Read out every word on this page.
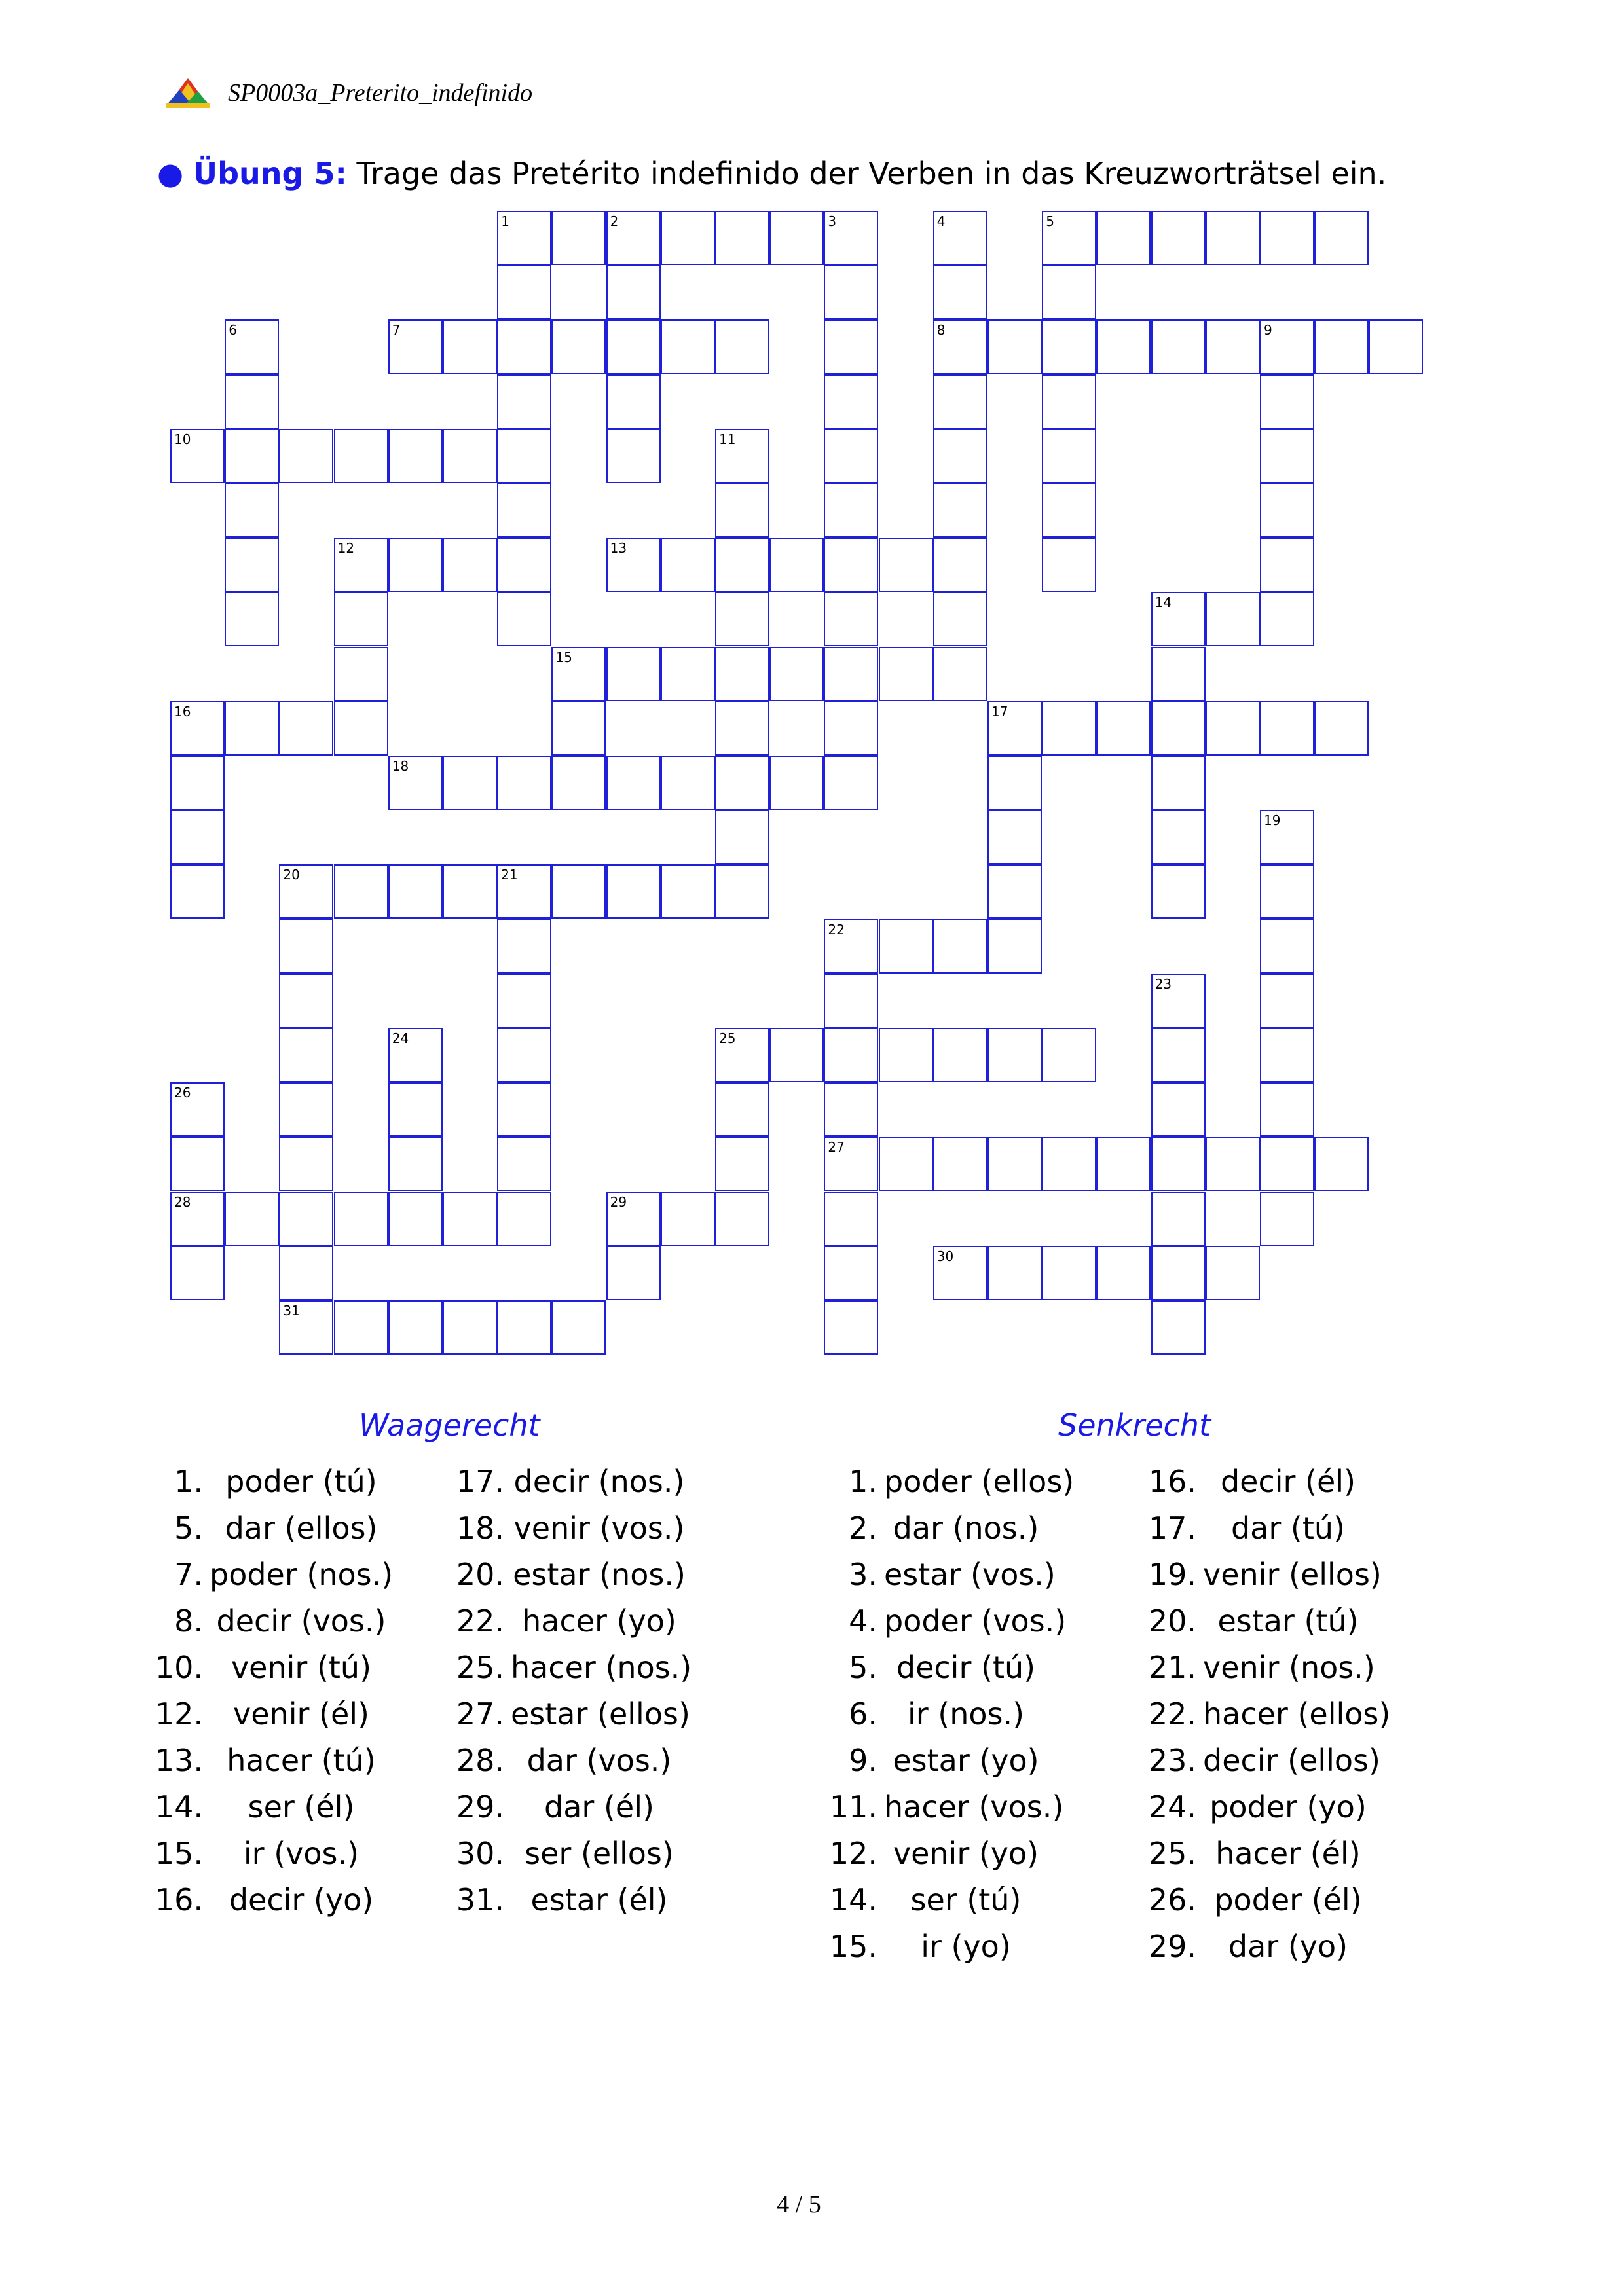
SP0003a_Preterito_indefinido
● Übung 5: Trage das Pretérito indefinido der Verben in das Kreuzworträtsel ein.
1	5
7	8
10
12	13
14
15
16	17
18
20	21
22
25
27
28	29
30
31
2	3	4
6	9
11
19
23
24
26
Waagerecht	Senkrecht
1. poder (tú)
5. dar (ellos)
7. poder (nos.)
8. decir (vos.)
10. venir (tú)
12. venir (él)
13. hacer (tú)
14. ser (él)
15. ir (vos.)
16. decir (yo)
17. decir (nos.)
18. venir (vos.)
20. estar (nos.)
22. hacer (yo)
25. hacer (nos.)
27. estar (ellos)
28. dar (vos.)
29. dar (él)
30. ser (ellos)
31. estar (él)
1. poder (ellos)
2. dar (nos.)
3. estar (vos.)
4. poder (vos.)
5. decir (tú)
6. ir (nos.)
9. estar (yo)
11. hacer (vos.)
12. venir (yo)
14. ser (tú)
15. ir (yo)
16. decir (él)
17. dar (tú)
19. venir (ellos)
20. estar (tú)
21. venir (nos.)
22. hacer (ellos)
23. decir (ellos)
24. poder (yo)
25. hacer (él)
26. poder (él)
29. dar (yo)
4 / 5
